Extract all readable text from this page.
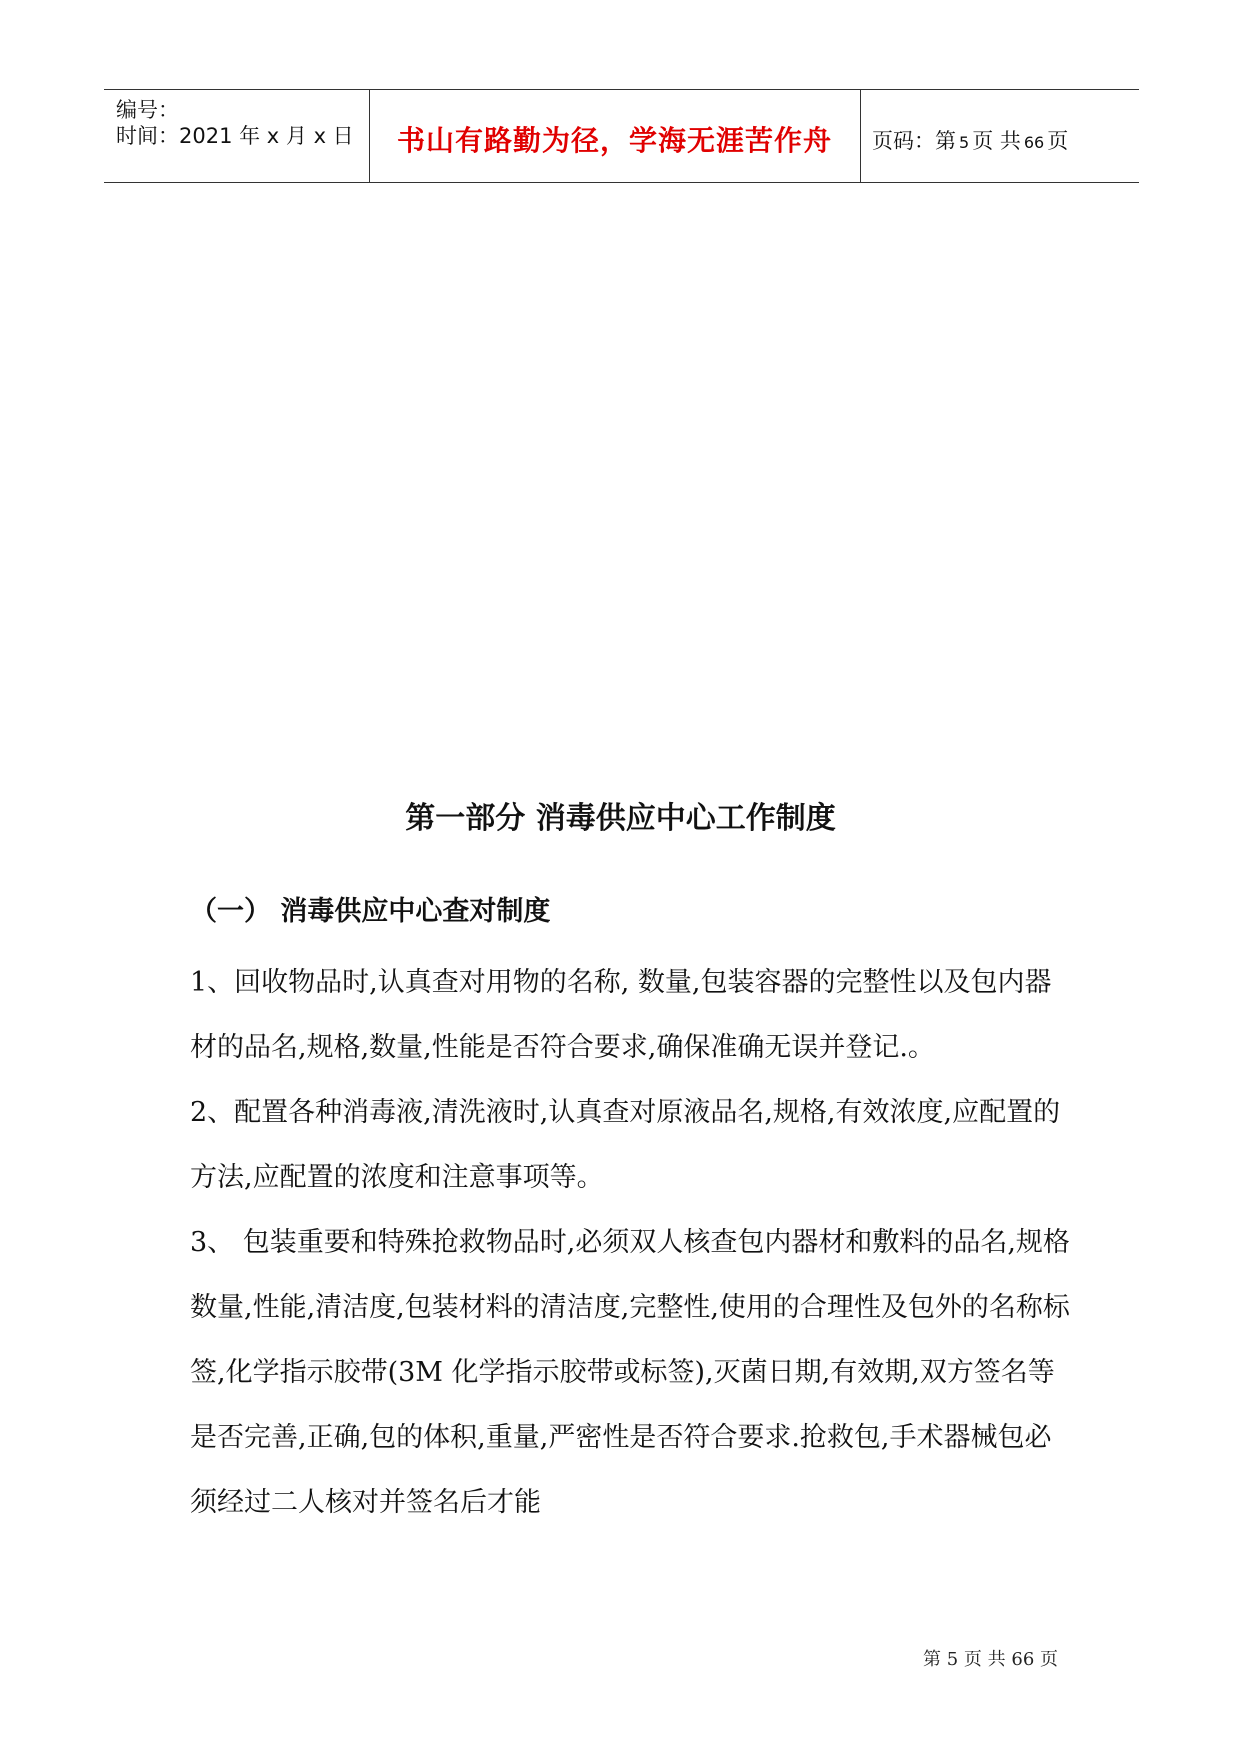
编号：
时间：2021 年 x 月 x 日	书山有路勤为径，学海无涯苦作舟	页码：第 5 页 共 66 页
第一部分 消毒供应中心工作制度
（一） 消毒供应中心查对制度

1、回收物品时,认真查对用物的名称, 数量,包装容器的完整性以及包内器材的品名,规格,数量,性能是否符合要求,确保准确无误并登记.。

2、配置各种消毒液,清洗液时,认真查对原液品名,规格,有效浓度,应配置的方法,应配置的浓度和注意事项等。

3、 包装重要和特殊抢救物品时,必须双人核查包内器材和敷料的品名,规格数量,性能,清洁度,包装材料的清洁度,完整性,使用的合理性及包外的名称标签,化学指示胶带(3M 化学指示胶带或标签),灭菌日期,有效期,双方签名等是否完善,正确,包的体积,重量,严密性是否符合要求.抢救包,手术器械包必须经过二人核对并签名后才能

第 5 页 共 66 页
